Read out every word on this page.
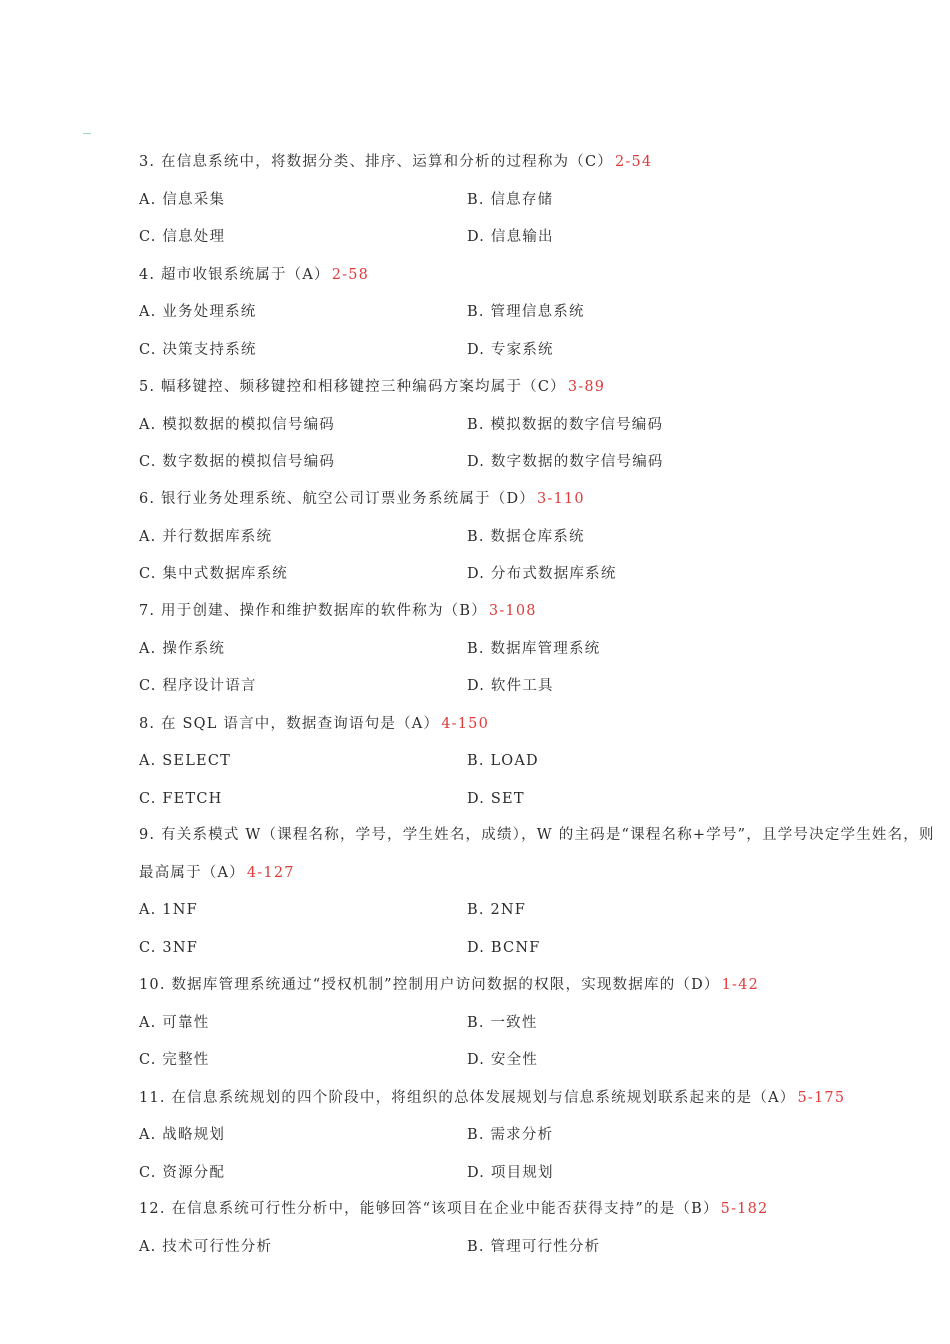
3. 在信息系统中，将数据分类、排序、运算和分析的过程称为（C） 2-54
A. 信息采集	B. 信息存储
C. 信息处理	D. 信息输出
4. 超市收银系统属于（A） 2-58
A. 业务处理系统	B. 管理信息系统
C. 决策支持系统	D. 专家系统
5. 幅移键控、频移键控和相移键控三种编码方案均属于（C） 3-89
A. 模拟数据的模拟信号编码	B. 模拟数据的数字信号编码
C. 数字数据的模拟信号编码	D. 数字数据的数字信号编码
6. 银行业务处理系统、航空公司订票业务系统属于（D） 3-110
A. 并行数据库系统	B. 数据仓库系统
C. 集中式数据库系统	D. 分布式数据库系统
7. 用于创建、操作和维护数据库的软件称为（B） 3-108
A. 操作系统	B. 数据库管理系统
C. 程序设计语言	D. 软件工具
8. 在 SQL 语言中，数据查询语句是（A） 4-150
A. SELECT	B. LOAD
C. FETCH	D. SET
9. 有关系模式 W（课程名称，学号，学生姓名，成绩），W 的主码是“课程名称+学号”，且学号决定学生姓名，则
最高属于（A） 4-127
A. 1NF	B. 2NF
C. 3NF	D. BCNF
10. 数据库管理系统通过“授权机制”控制用户访问数据的权限，实现数据库的（D） 1-42
A. 可靠性	B. 一致性
C. 完整性	D. 安全性
11. 在信息系统规划的四个阶段中，将组织的总体发展规划与信息系统规划联系起来的是（A） 5-175
A. 战略规划	B. 需求分析
C. 资源分配	D. 项目规划
12. 在信息系统可行性分析中，能够回答“该项目在企业中能否获得支持”的是（B） 5-182
A. 技术可行性分析	B. 管理可行性分析
